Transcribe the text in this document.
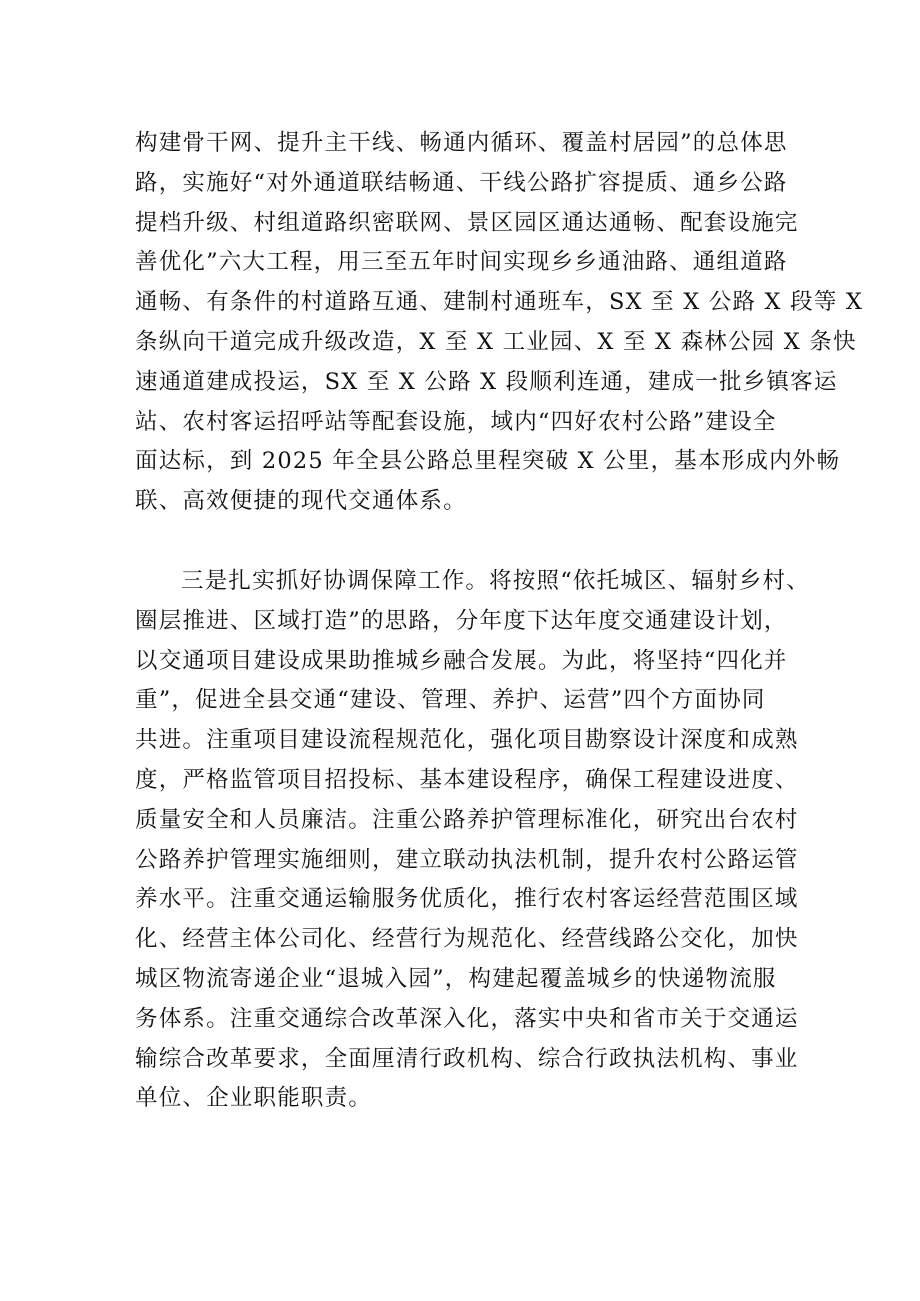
构建骨干网、提升主干线、畅通内循环、覆盖村居园”的总体思
路，实施好“对外通道联结畅通、干线公路扩容提质、通乡公路
提档升级、村组道路织密联网、景区园区通达通畅、配套设施完
善优化”六大工程，用三至五年时间实现乡乡通油路、通组道路
通畅、有条件的村道路互通、建制村通班车，SX 至 X 公路 X 段等 X
条纵向干道完成升级改造，X 至 X 工业园、X 至 X 森林公园 X 条快
速通道建成投运，SX 至 X 公路 X 段顺利连通，建成一批乡镇客运
站、农村客运招呼站等配套设施，域内“四好农村公路”建设全
面达标，到 2025 年全县公路总里程突破 X 公里，基本形成内外畅
联、高效便捷的现代交通体系。
三是扎实抓好协调保障工作。将按照“依托城区、辐射乡村、
圈层推进、区域打造”的思路，分年度下达年度交通建设计划，
以交通项目建设成果助推城乡融合发展。为此，将坚持“四化并
重”，促进全县交通“建设、管理、养护、运营”四个方面协同
共进。注重项目建设流程规范化，强化项目勘察设计深度和成熟
度，严格监管项目招投标、基本建设程序，确保工程建设进度、
质量安全和人员廉洁。注重公路养护管理标准化，研究出台农村
公路养护管理实施细则，建立联动执法机制，提升农村公路运管
养水平。注重交通运输服务优质化，推行农村客运经营范围区域
化、经营主体公司化、经营行为规范化、经营线路公交化，加快
城区物流寄递企业“退城入园”，构建起覆盖城乡的快递物流服
务体系。注重交通综合改革深入化，落实中央和省市关于交通运
输综合改革要求，全面厘清行政机构、综合行政执法机构、事业
单位、企业职能职责。
